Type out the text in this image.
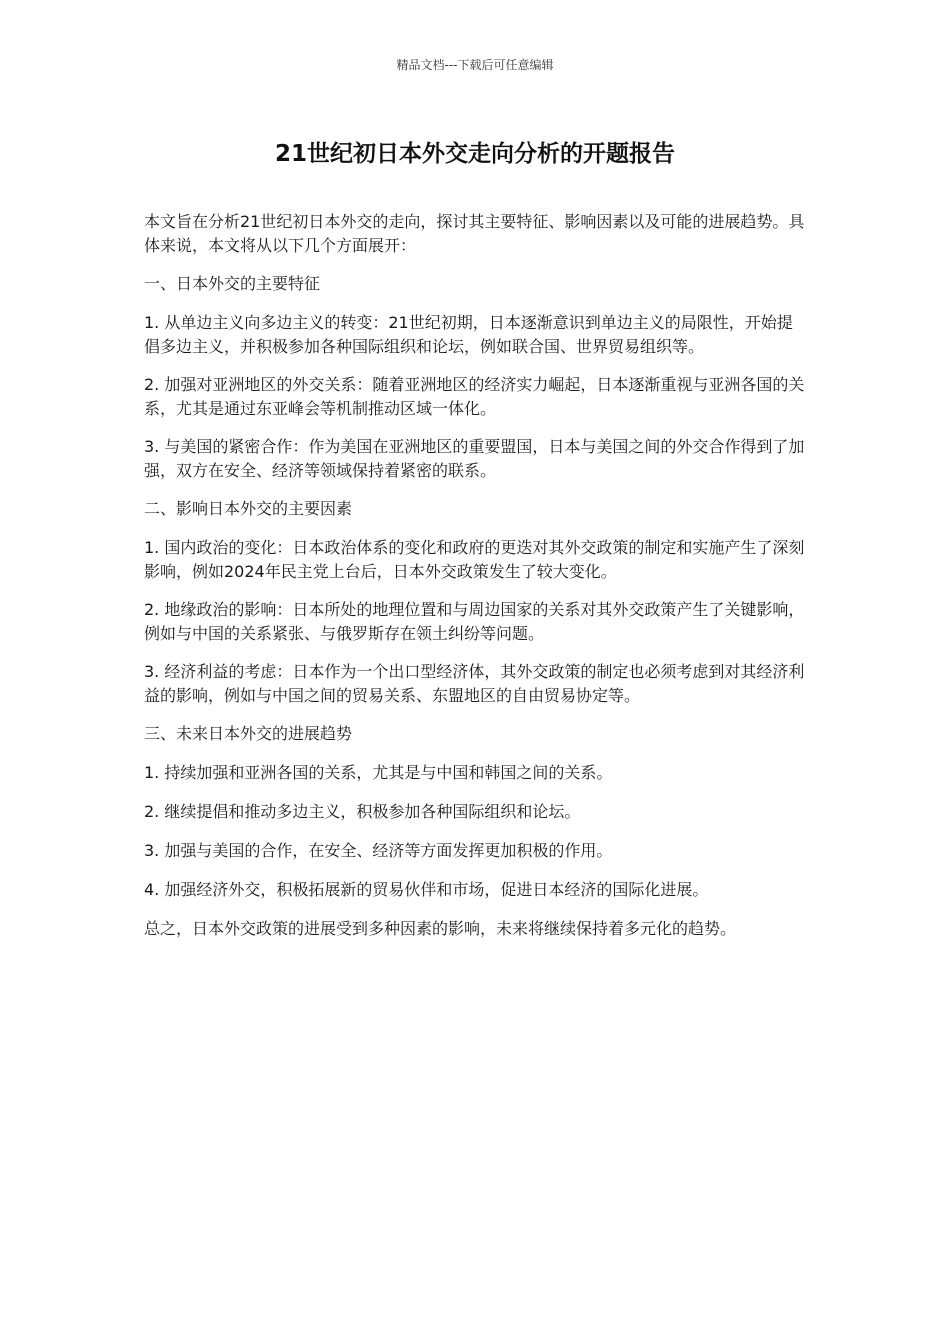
精品文档---下载后可任意编辑
21世纪初日本外交走向分析的开题报告

本文旨在分析21世纪初日本外交的走向，探讨其主要特征、影响因素以及可能的进展趋势。具体来说，本文将从以下几个方面展开：

一、日本外交的主要特征

1. 从单边主义向多边主义的转变：21世纪初期，日本逐渐意识到单边主义的局限性，开始提倡多边主义，并积极参加各种国际组织和论坛，例如联合国、世界贸易组织等。

2. 加强对亚洲地区的外交关系：随着亚洲地区的经济实力崛起，日本逐渐重视与亚洲各国的关系，尤其是通过东亚峰会等机制推动区域一体化。

3. 与美国的紧密合作：作为美国在亚洲地区的重要盟国，日本与美国之间的外交合作得到了加强，双方在安全、经济等领域保持着紧密的联系。

二、影响日本外交的主要因素

1. 国内政治的变化：日本政治体系的变化和政府的更迭对其外交政策的制定和实施产生了深刻影响，例如2024年民主党上台后，日本外交政策发生了较大变化。

2. 地缘政治的影响：日本所处的地理位置和与周边国家的关系对其外交政策产生了关键影响，例如与中国的关系紧张、与俄罗斯存在领土纠纷等问题。

3. 经济利益的考虑：日本作为一个出口型经济体，其外交政策的制定也必须考虑到对其经济利益的影响，例如与中国之间的贸易关系、东盟地区的自由贸易协定等。

三、未来日本外交的进展趋势

1. 持续加强和亚洲各国的关系，尤其是与中国和韩国之间的关系。

2. 继续提倡和推动多边主义，积极参加各种国际组织和论坛。

3. 加强与美国的合作，在安全、经济等方面发挥更加积极的作用。

4. 加强经济外交，积极拓展新的贸易伙伴和市场，促进日本经济的国际化进展。

总之，日本外交政策的进展受到多种因素的影响，未来将继续保持着多元化的趋势。
